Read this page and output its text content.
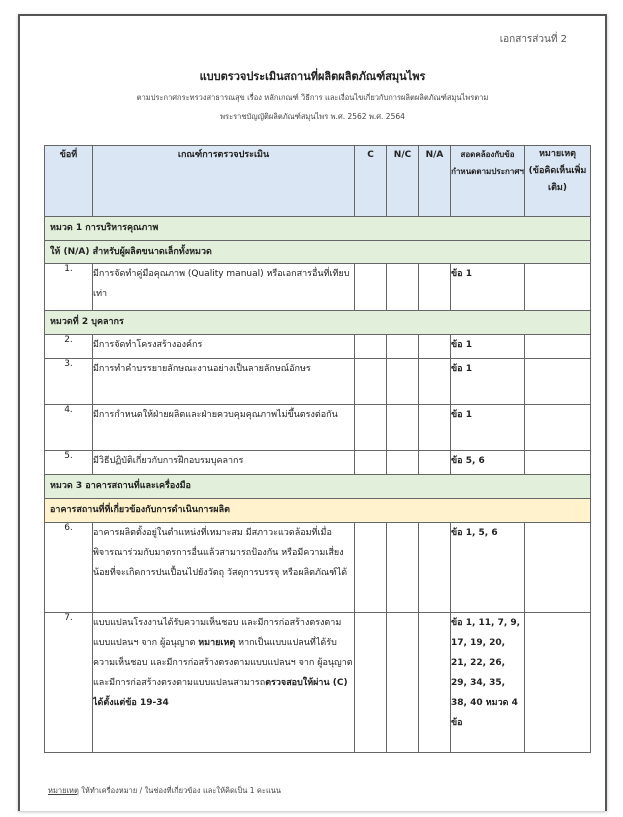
เอกสารส่วนที่ 2
แบบตรวจประเมินสถานที่ผลิตผลิตภัณฑ์สมุนไพร
ตามประกาศกระทรวงสาธารณสุข เรื่อง หลักเกณฑ์ วิธีการ และเงื่อนไขเกี่ยวกับการผลิตผลิตภัณฑ์สมุนไพรตาม
พระราชบัญญัติผลิตภัณฑ์สมุนไพร พ.ศ. 2562 พ.ศ. 2564
ข้อที่	เกณฑ์การตรวจประเมิน	C	N/C	N/A	สอดคล้องกับข้อกำหนดตามประกาศฯ	หมายเหตุ (ข้อคิดเห็นเพิ่มเติม)
หมวด 1 การบริหารคุณภาพ						
ให้ (N/A) สำหรับผู้ผลิตขนาดเล็กทั้งหมวด						
1.	มีการจัดทำคู่มือคุณภาพ (Quality manual) หรือเอกสารอื่นที่เทียบเท่า				ข้อ 1	
หมวดที่ 2 บุคลากร						
2.	มีการจัดทำโครงสร้างองค์กร				ข้อ 1	
3.	มีการทำคำบรรยายลักษณะงานอย่างเป็นลายลักษณ์อักษร				ข้อ 1	
4.	มีการกำหนดให้ฝ่ายผลิตและฝ่ายควบคุมคุณภาพไม่ขึ้นตรงต่อกัน				ข้อ 1	
5.	มีวิธีปฏิบัติเกี่ยวกับการฝึกอบรมบุคลากร				ข้อ 5, 6	
หมวด 3 อาคารสถานที่และเครื่องมือ						
อาคารสถานที่ที่เกี่ยวข้องกับการดำเนินการผลิต						
6.	อาคารผลิตตั้งอยู่ในตำแหน่งที่เหมาะสม มีสภาวะแวดล้อมที่เมื่อพิจารณาร่วมกับมาตรการอื่นแล้วสามารถป้องกัน หรือมีความเสี่ยงน้อยที่จะเกิดการปนเปื้อนไปยังวัตถุ วัสดุการบรรจุ หรือผลิตภัณฑ์ได้				ข้อ 1, 5, 6	
7.	แบบแปลนโรงงานได้รับความเห็นชอบ และมีการก่อสร้างตรงตามแบบแปลนฯ จาก ผู้อนุญาต หมายเหตุ หากเป็นแบบแปลนที่ได้รับความเห็นชอบ และมีการก่อสร้างตรงตามแบบแปลนฯ จาก ผู้อนุญาต และมีการก่อสร้างตรงตามแบบแปลนสามารถตรวจสอบให้ผ่าน (C) ได้ตั้งแต่ข้อ 19-34				ข้อ 1, 11, 7, 9, 17, 19, 20, 21, 22, 26, 29, 34, 35, 38, 40 หมวด 4 ข้อ	
หมายเหตุ ให้ทำเครื่องหมาย / ในช่องที่เกี่ยวข้อง และให้คิดเป็น 1 คะแนน
